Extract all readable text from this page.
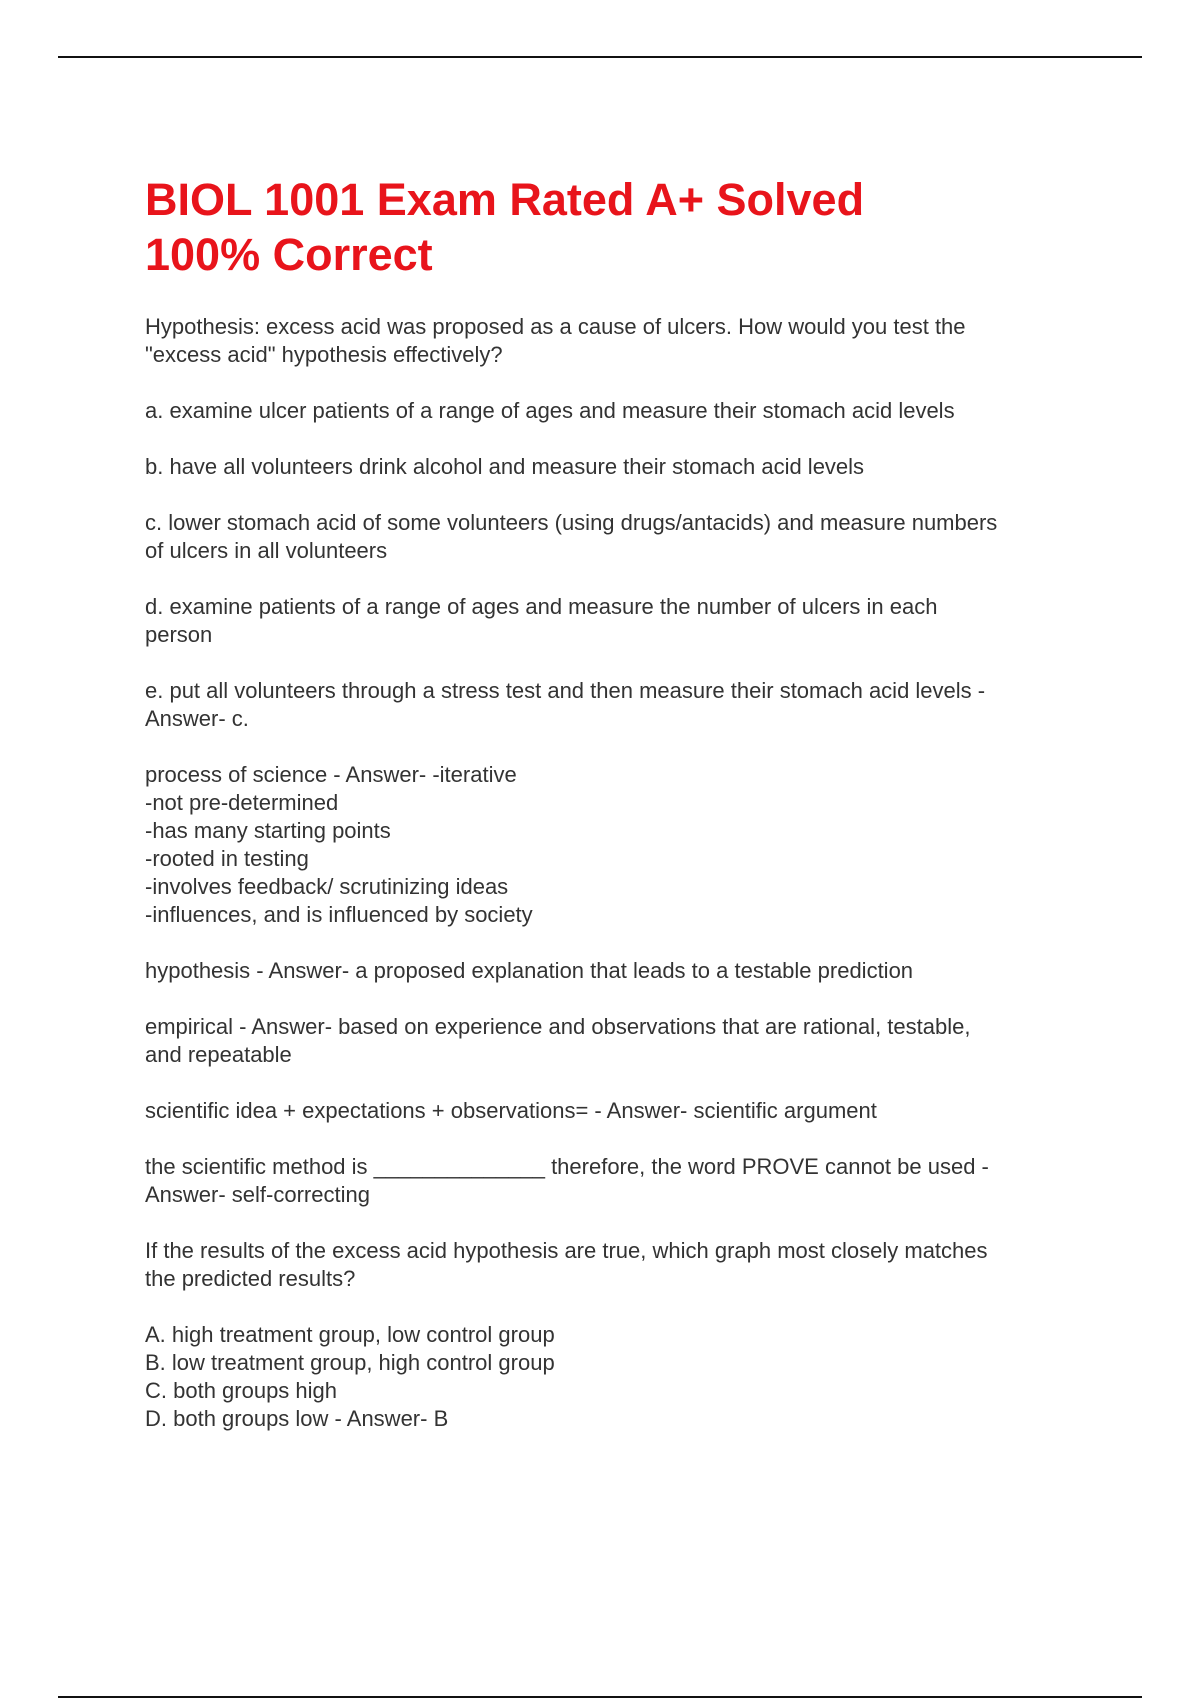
BIOL 1001 Exam Rated A+ Solved
100% Correct
Hypothesis: excess acid was proposed as a cause of ulcers. How would you test the
"excess acid" hypothesis effectively?
a. examine ulcer patients of a range of ages and measure their stomach acid levels
b. have all volunteers drink alcohol and measure their stomach acid levels
c. lower stomach acid of some volunteers (using drugs/antacids) and measure numbers
of ulcers in all volunteers
d. examine patients of a range of ages and measure the number of ulcers in each
person
e. put all volunteers through a stress test and then measure their stomach acid levels -
Answer- c.
process of science - Answer- -iterative
-not pre-determined
-has many starting points
-rooted in testing
-involves feedback/ scrutinizing ideas
-influences, and is influenced by society
hypothesis - Answer- a proposed explanation that leads to a testable prediction
empirical - Answer- based on experience and observations that are rational, testable,
and repeatable
scientific idea + expectations + observations= - Answer- scientific argument
the scientific method is ______________ therefore, the word PROVE cannot be used -
Answer- self-correcting
If the results of the excess acid hypothesis are true, which graph most closely matches
the predicted results?
A. high treatment group, low control group
B. low treatment group, high control group
C. both groups high
D. both groups low - Answer- B
